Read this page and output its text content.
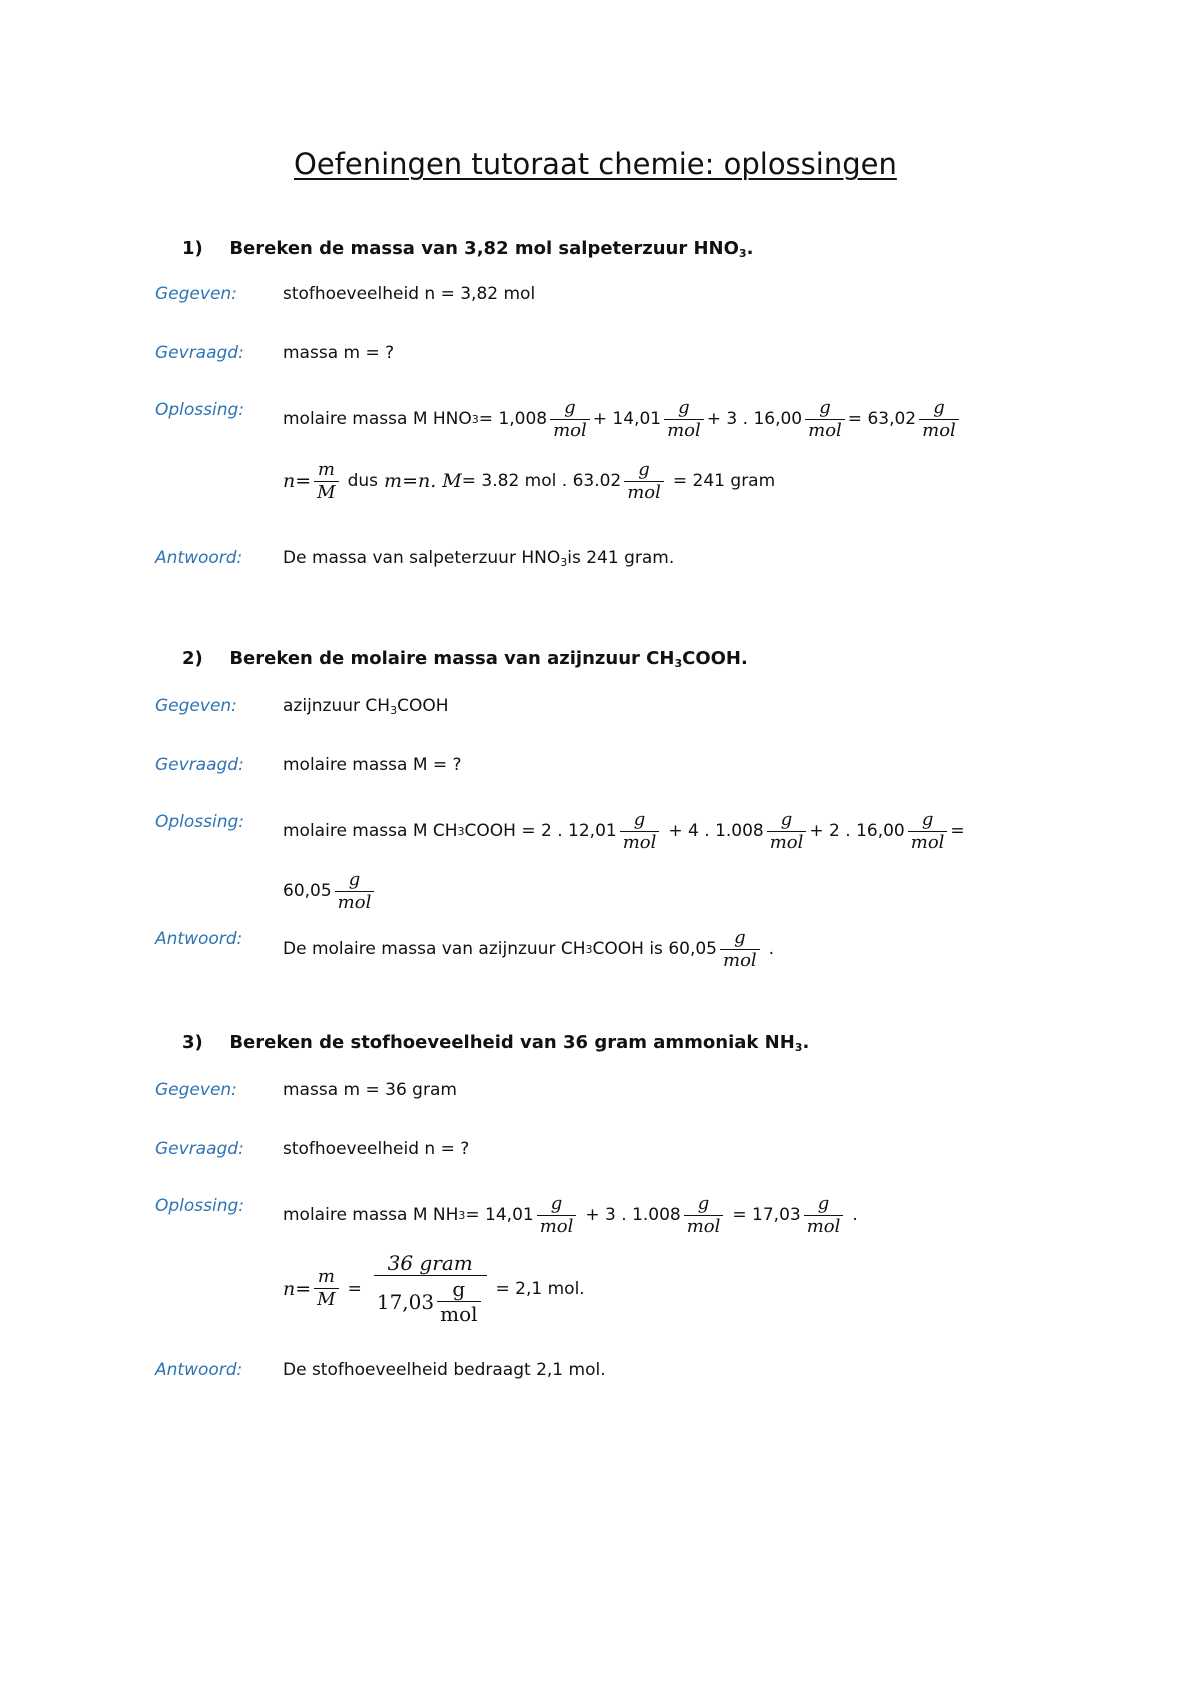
Oefeningen tutoraat chemie: oplossingen
1) Bereken de massa van 3,82 mol salpeterzuur $HNO_3$.
Gegeven:	stofhoeveelheid n = 3,82 mol
Gevraagd: massa m = ?
Oplossing: molaire massa M HNO $3 = 1,008 \frac{g}{\text{mol}} + 14,01 \frac{g}{\text{mol}} + 3$ . $16,00 \frac{g}{\text{mol}} = 63,02 \frac{g}{\text{mol}}$
$n= \frac{m}{M}$ dus m=n. M = 3.82 mol . $63.02 \frac{g}{\text{mol}} = 241$ gram
Antwoord: De massa van salpeterzuur $HNO_3is$ 241 gram.
2) Bereken de molaire massa van azijnzuur $CH_3COOH$.
Gegeven:	azijnzuur $CH_3COOH$
Gevraagd: molaire massa M = ?
Oplossing: molaire massa M CH 3 COOH = 2 . $12,01 \frac{g}{\text{mol}} + 4$ . $1.008 \frac{g}{\text{mol}} + 2$ . $16,00 \frac{g}{\text{mol}}$ =
$60,05 \frac{g}{\text{mol}}$
Antwoord:
De molaire massa van azijnzuur CH 3 COOH is $60,05 \frac{g}{\text{mol}}$ .
3) Bereken de stofhoeveelheid van 36 gram ammoniak $NH_3$.
Gegeven:	massa m = 36 gram
Gevraagd: stofhoeveelheid n = ?
Oplossing: molaire massa M NH $3 = 14,01 \frac{g}{\text{mol}} + 3$ . $1.008 \frac{g}{\text{mol}} = 17,03 \frac{g}{\text{mol}}$ .
$n= \frac{m}{M} = \frac{\text{36 gram}}{17,03 \frac{g}{\text{mol}}} = 2,1$ mol.
Antwoord: De stofhoeveelheid bedraagt 2,1 mol.
